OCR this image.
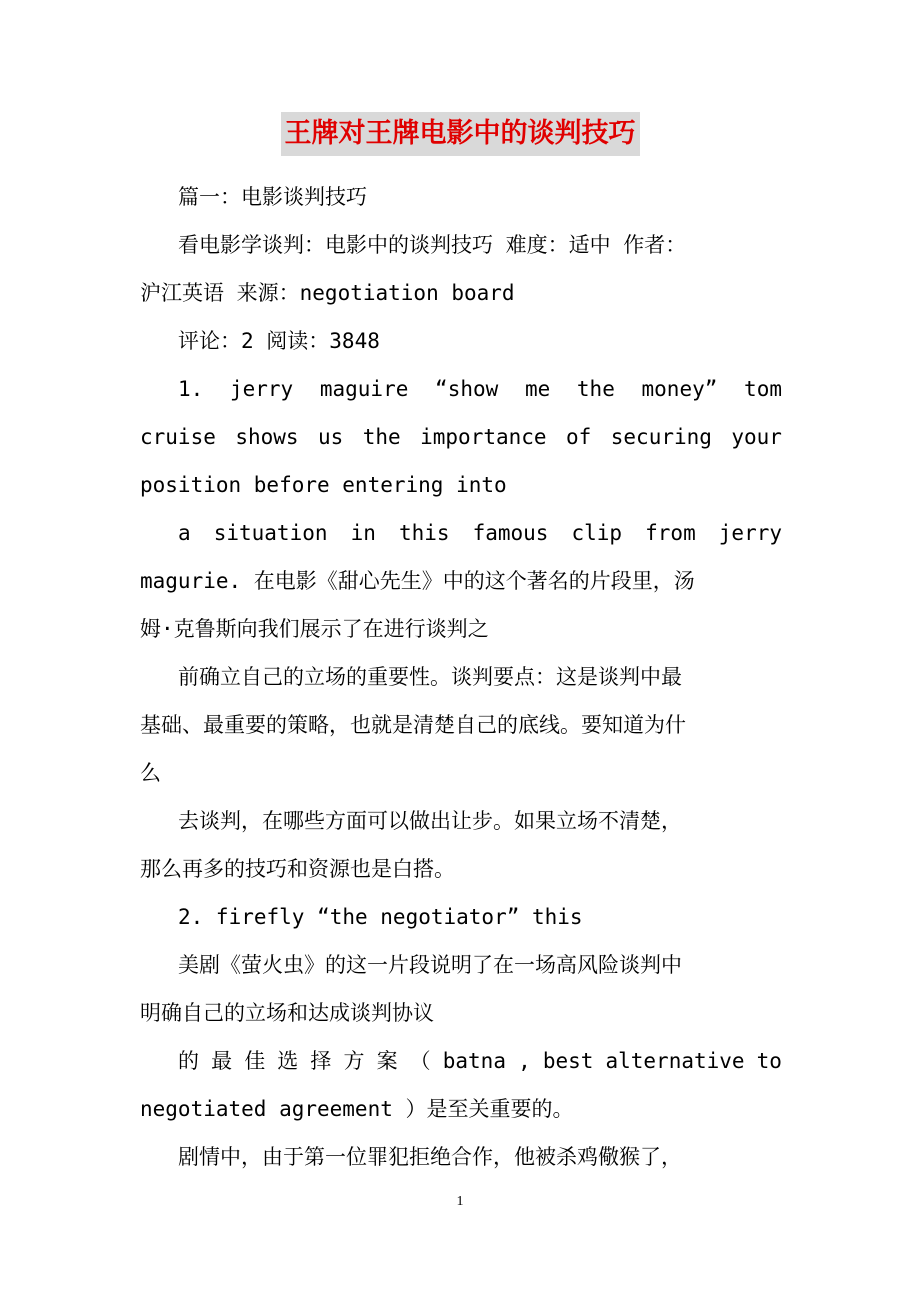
王牌对王牌电影中的谈判技巧
篇一：电影谈判技巧
看电影学谈判：电影中的谈判技巧 难度：适中 作者：
沪江英语 来源：negotiation board
评论：2 阅读：3848
1. jerry maguire “show me the money” tom
cruise shows us the importance of securing your
position before entering into
a situation in this famous clip from jerry
magurie. 在电影《甜心先生》中的这个著名的片段里，汤
姆·克鲁斯向我们展示了在进行谈判之
前确立自己的立场的重要性。谈判要点：这是谈判中最
基础、最重要的策略，也就是清楚自己的底线。要知道为什
么
去谈判，在哪些方面可以做出让步。如果立场不清楚，
那么再多的技巧和资源也是白搭。
2. firefly “the negotiator” this
美剧《萤火虫》的这一片段说明了在一场高风险谈判中
明确自己的立场和达成谈判协议
的 最 佳 选 择 方 案 （ batna , best alternative to
negotiated agreement ）是至关重要的。
剧情中，由于第一位罪犯拒绝合作，他被杀鸡儆猴了，
1
